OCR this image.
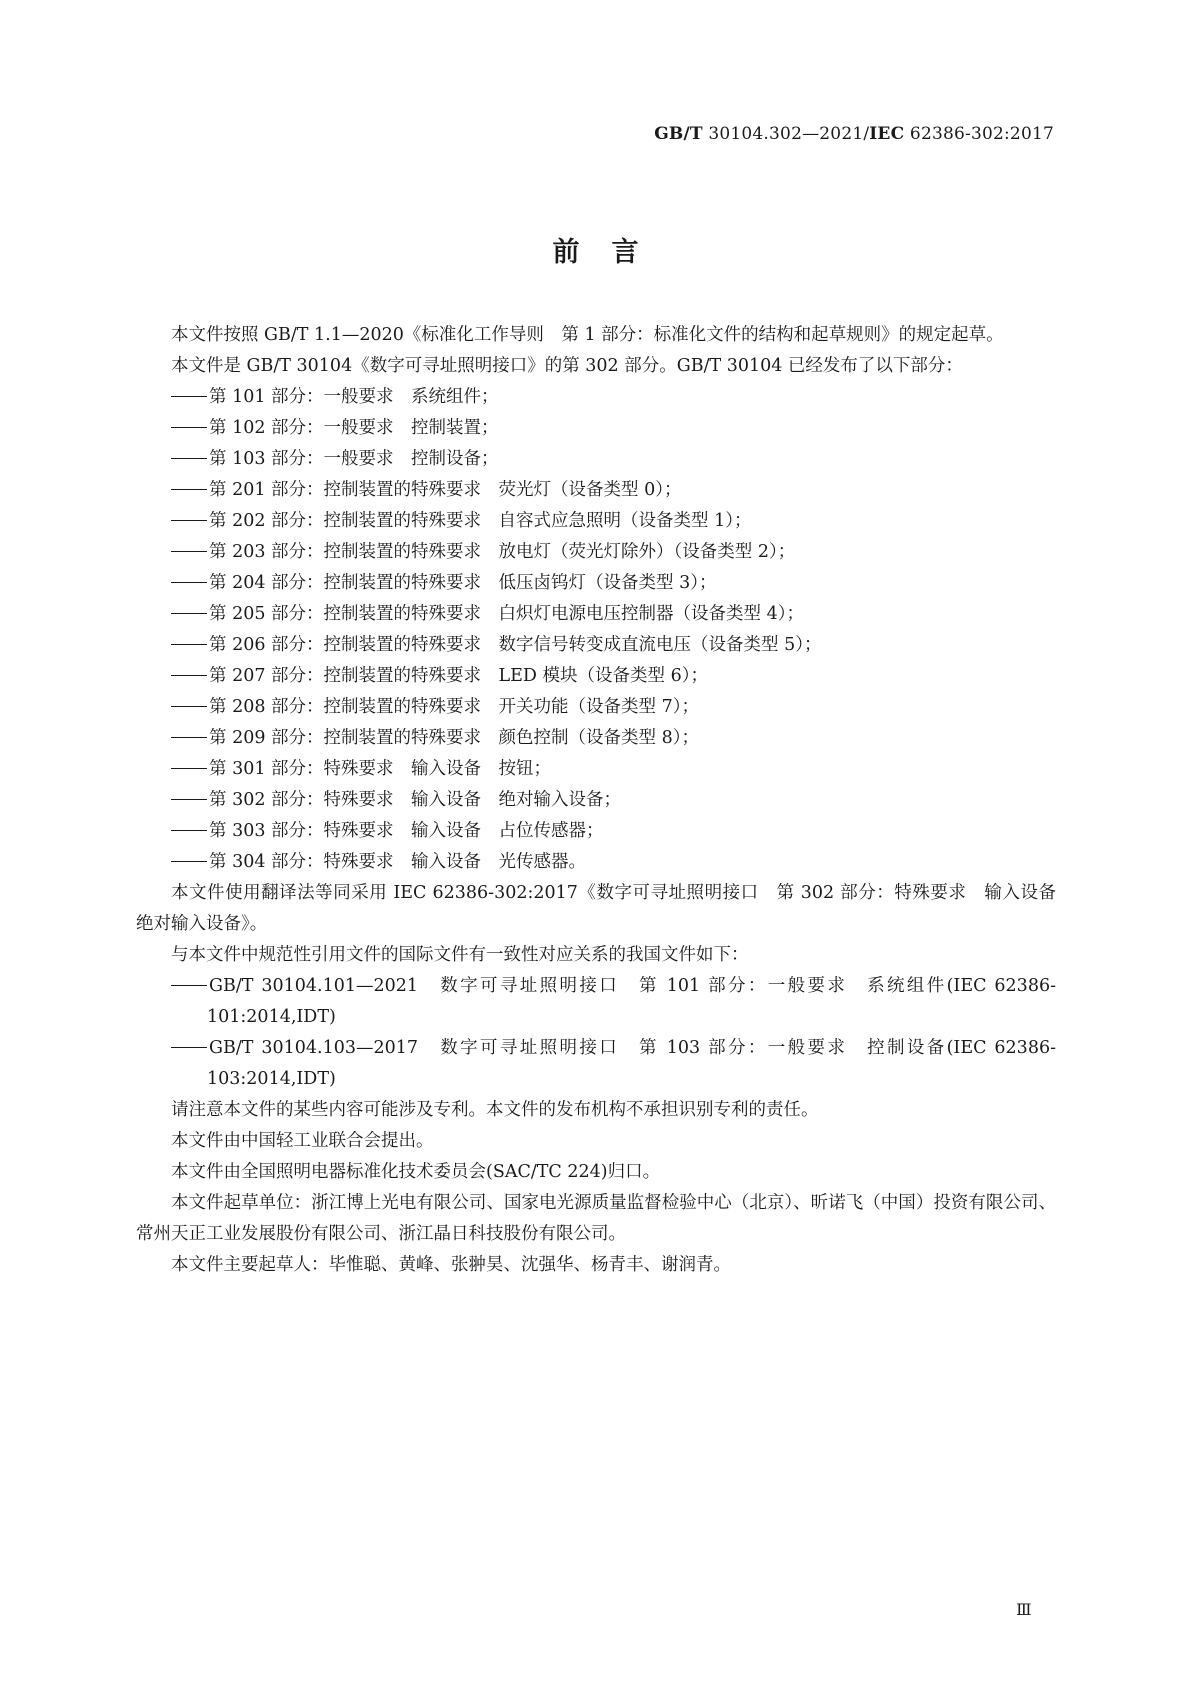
GB/T 30104.302—2021/IEC 62386-302:2017
前言

本文件按照 GB/T 1.1—2020《标准化工作导则　第 1 部分：标准化文件的结构和起草规则》的规定起草。

本文件是 GB/T 30104《数字可寻址照明接口》的第 302 部分。GB/T 30104 已经发布了以下部分：

第 101 部分：一般要求　系统组件；

第 102 部分：一般要求　控制装置；

第 103 部分：一般要求　控制设备；

第 201 部分：控制装置的特殊要求　荧光灯（设备类型 0）；

第 202 部分：控制装置的特殊要求　自容式应急照明（设备类型 1）；

第 203 部分：控制装置的特殊要求　放电灯（荧光灯除外）（设备类型 2）；

第 204 部分：控制装置的特殊要求　低压卤钨灯（设备类型 3）；

第 205 部分：控制装置的特殊要求　白炽灯电源电压控制器（设备类型 4）；

第 206 部分：控制装置的特殊要求　数字信号转变成直流电压（设备类型 5）；

第 207 部分：控制装置的特殊要求　LED 模块（设备类型 6）；

第 208 部分：控制装置的特殊要求　开关功能（设备类型 7）；

第 209 部分：控制装置的特殊要求　颜色控制（设备类型 8）；

第 301 部分：特殊要求　输入设备　按钮；

第 302 部分：特殊要求　输入设备　绝对输入设备；

第 303 部分：特殊要求　输入设备　占位传感器；

第 304 部分：特殊要求　输入设备　光传感器。

本文件使用翻译法等同采用 IEC 62386-302:2017《数字可寻址照明接口　第 302 部分：特殊要求　输入设备　绝对输入设备》。

与本文件中规范性引用文件的国际文件有一致性对应关系的我国文件如下：

GB/T 30104.101—2021　数字可寻址照明接口　第 101 部分：一般要求　系统组件(IEC 62386-101:2014,IDT)

GB/T 30104.103—2017　数字可寻址照明接口　第 103 部分：一般要求　控制设备(IEC 62386-103:2014,IDT)

请注意本文件的某些内容可能涉及专利。本文件的发布机构不承担识别专利的责任。

本文件由中国轻工业联合会提出。

本文件由全国照明电器标准化技术委员会(SAC/TC 224)归口。

本文件起草单位：浙江博上光电有限公司、国家电光源质量监督检验中心（北京）、昕诺飞（中国）投资有限公司、常州天正工业发展股份有限公司、浙江晶日科技股份有限公司。

本文件主要起草人：毕惟聪、黄峰、张翀昊、沈强华、杨青丰、谢润青。

Ⅲ
